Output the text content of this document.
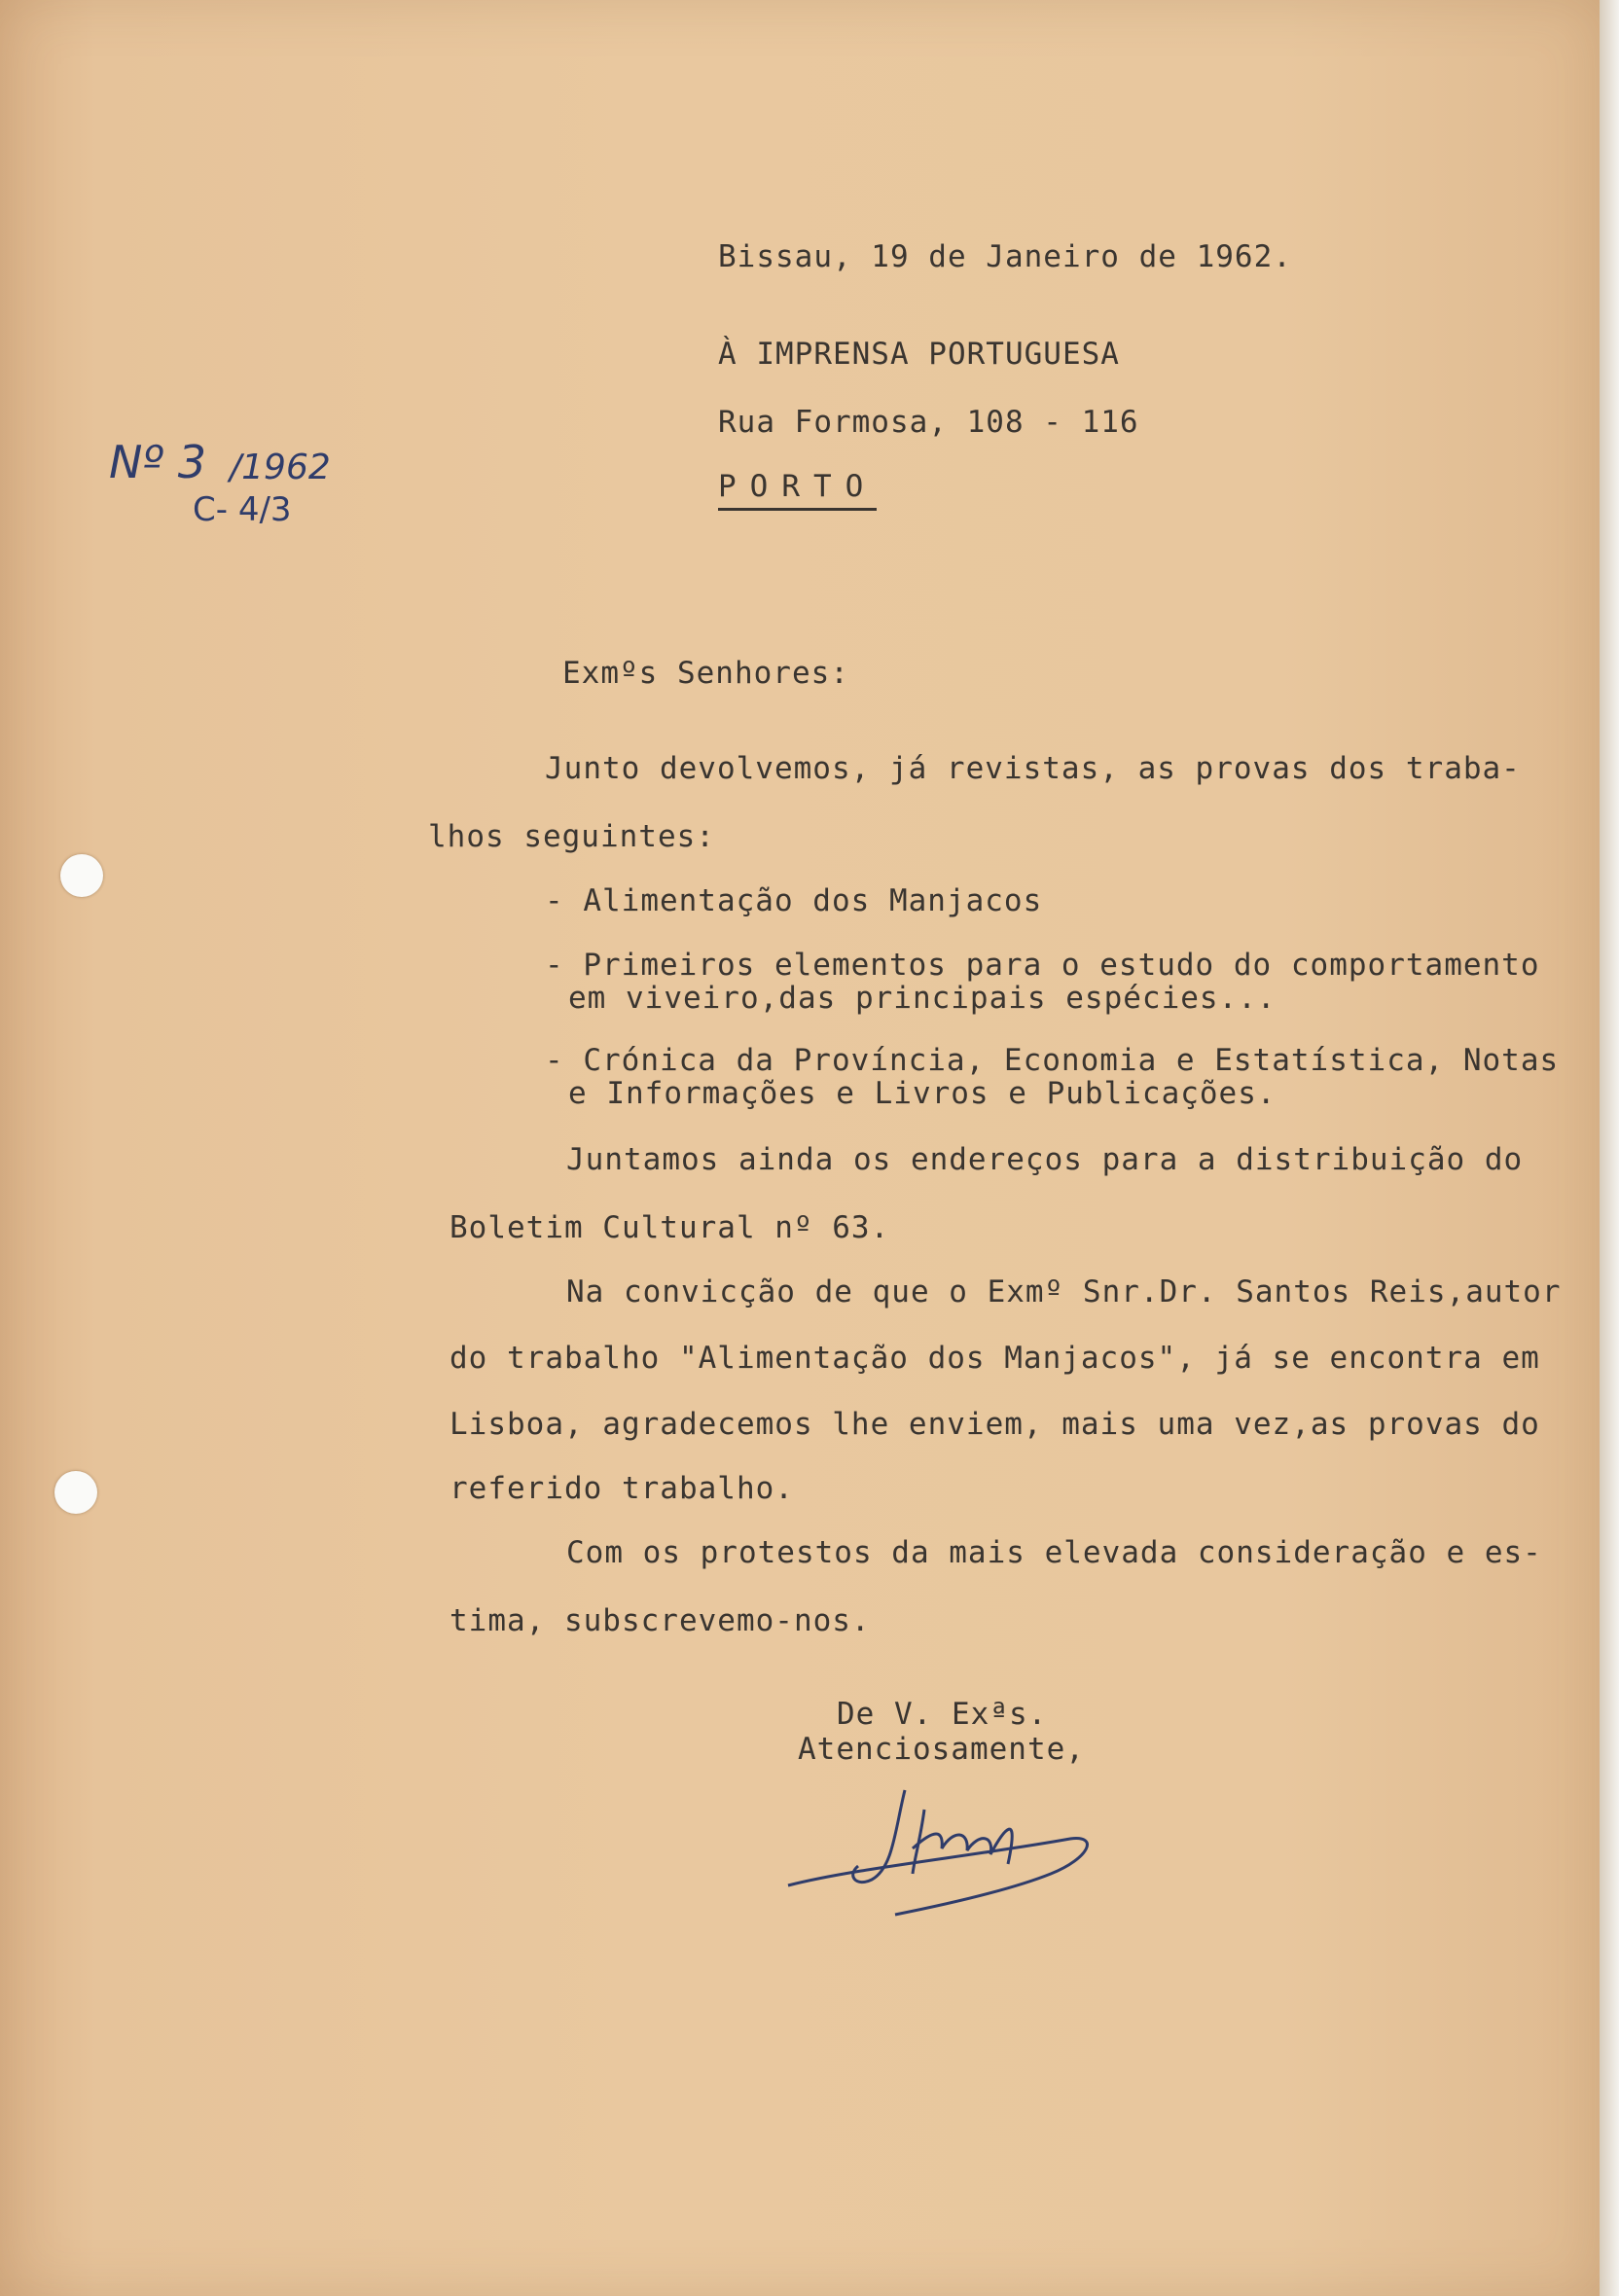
Nº 3 /1962
C- 4/3
Bissau, 19 de Janeiro de 1962.
À IMPRENSA PORTUGUESA
Rua Formosa, 108 - 116
PORTO
Exmºs Senhores:
Junto devolvemos, já revistas, as provas dos traba-
lhos seguintes:
- Alimentação dos Manjacos
- Primeiros elementos para o estudo do comportamento
em viveiro,das principais espécies...
- Crónica da Província, Economia e Estatística, Notas
e Informações e Livros e Publicações.
Juntamos ainda os endereços para a distribuição do
Boletim Cultural nº 63.
Na convicção de que o Exmº Snr.Dr. Santos Reis,autor
do trabalho "Alimentação dos Manjacos", já se encontra em
Lisboa, agradecemos lhe enviem, mais uma vez,as provas do
referido trabalho.
Com os protestos da mais elevada consideração e es-
tima, subscrevemo-nos.
De V. Exªs.
Atenciosamente,
